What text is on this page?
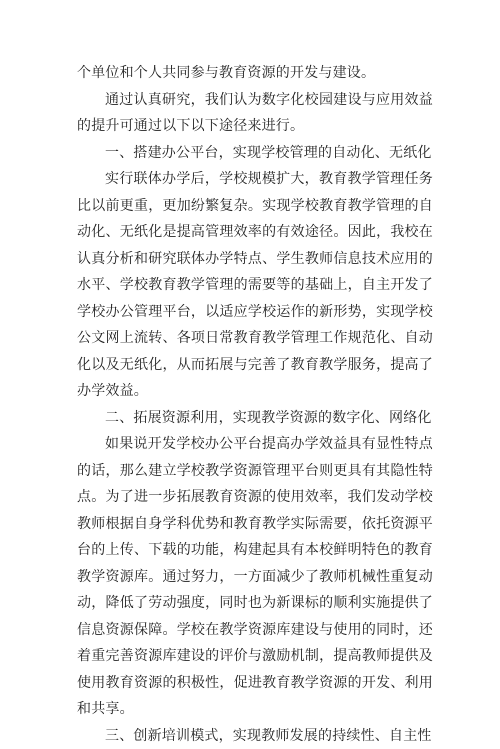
个单位和个人共同参与教育资源的开发与建设。

通过认真研究，我们认为数字化校园建设与应用效益的提升可通过以下以下途径来进行。

一、搭建办公平台，实现学校管理的自动化、无纸化

实行联体办学后，学校规模扩大，教育教学管理任务比以前更重，更加纷繁复杂。实现学校教育教学管理的自动化、无纸化是提高管理效率的有效途径。因此，我校在认真分析和研究联体办学特点、学生教师信息技术应用的水平、学校教育教学管理的需要等的基础上，自主开发了学校办公管理平台，以适应学校运作的新形势，实现学校公文网上流转、各项日常教育教学管理工作规范化、自动化以及无纸化，从而拓展与完善了教育教学服务，提高了办学效益。

二、拓展资源利用，实现教学资源的数字化、网络化

如果说开发学校办公平台提高办学效益具有显性特点的话，那么建立学校教学资源管理平台则更具有其隐性特点。为了进一步拓展教育资源的使用效率，我们发动学校教师根据自身学科优势和教育教学实际需要，依托资源平台的上传、下载的功能，构建起具有本校鲜明特色的教育教学资源库。通过努力，一方面减少了教师机械性重复动动，降低了劳动强度，同时也为新课标的顺利实施提供了信息资源保障。学校在教学资源库建设与使用的同时，还着重完善资源库建设的评价与激励机制，提高教师提供及使用教育资源的积极性，促进教育教学资源的开发、利用和共享。

三、创新培训模式，实现教师发展的持续性、自主性
